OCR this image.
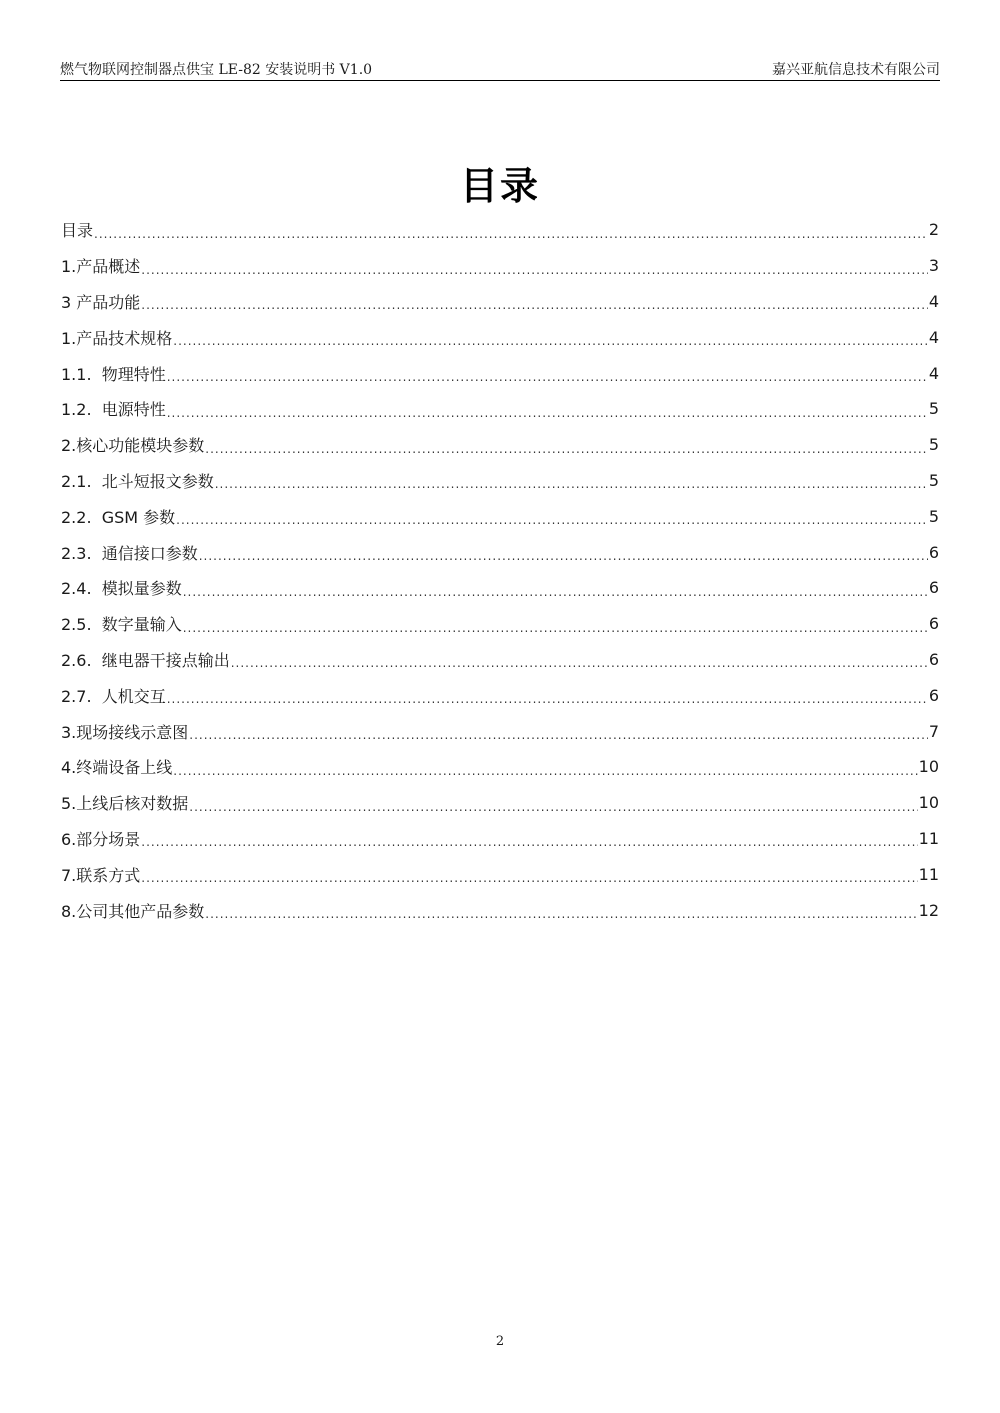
燃气物联网控制器点供宝 LE-82 安装说明书 V1.0	嘉兴亚航信息技术有限公司
目录
目录 .....	2
1.产品概述 .....	3
3 产品功能 .....	4
1.产品技术规格 .....	4
1.1.  物理特性 .....	4
1.2.  电源特性 .....	5
2.核心功能模块参数 .....	5
2.1.  北斗短报文参数 .....	5
2.2.  GSM 参数 .....	5
2.3.  通信接口参数 .....	6
2.4.  模拟量参数 .....	6
2.5.  数字量输入 .....	6
2.6.  继电器干接点输出 .....	6
2.7.  人机交互 .....	6
3.现场接线示意图 .....	7
4.终端设备上线 .....	10
5.上线后核对数据 .....	10
6.部分场景 .....	11
7.联系方式 .....	11
8.公司其他产品参数 .....	12
2
